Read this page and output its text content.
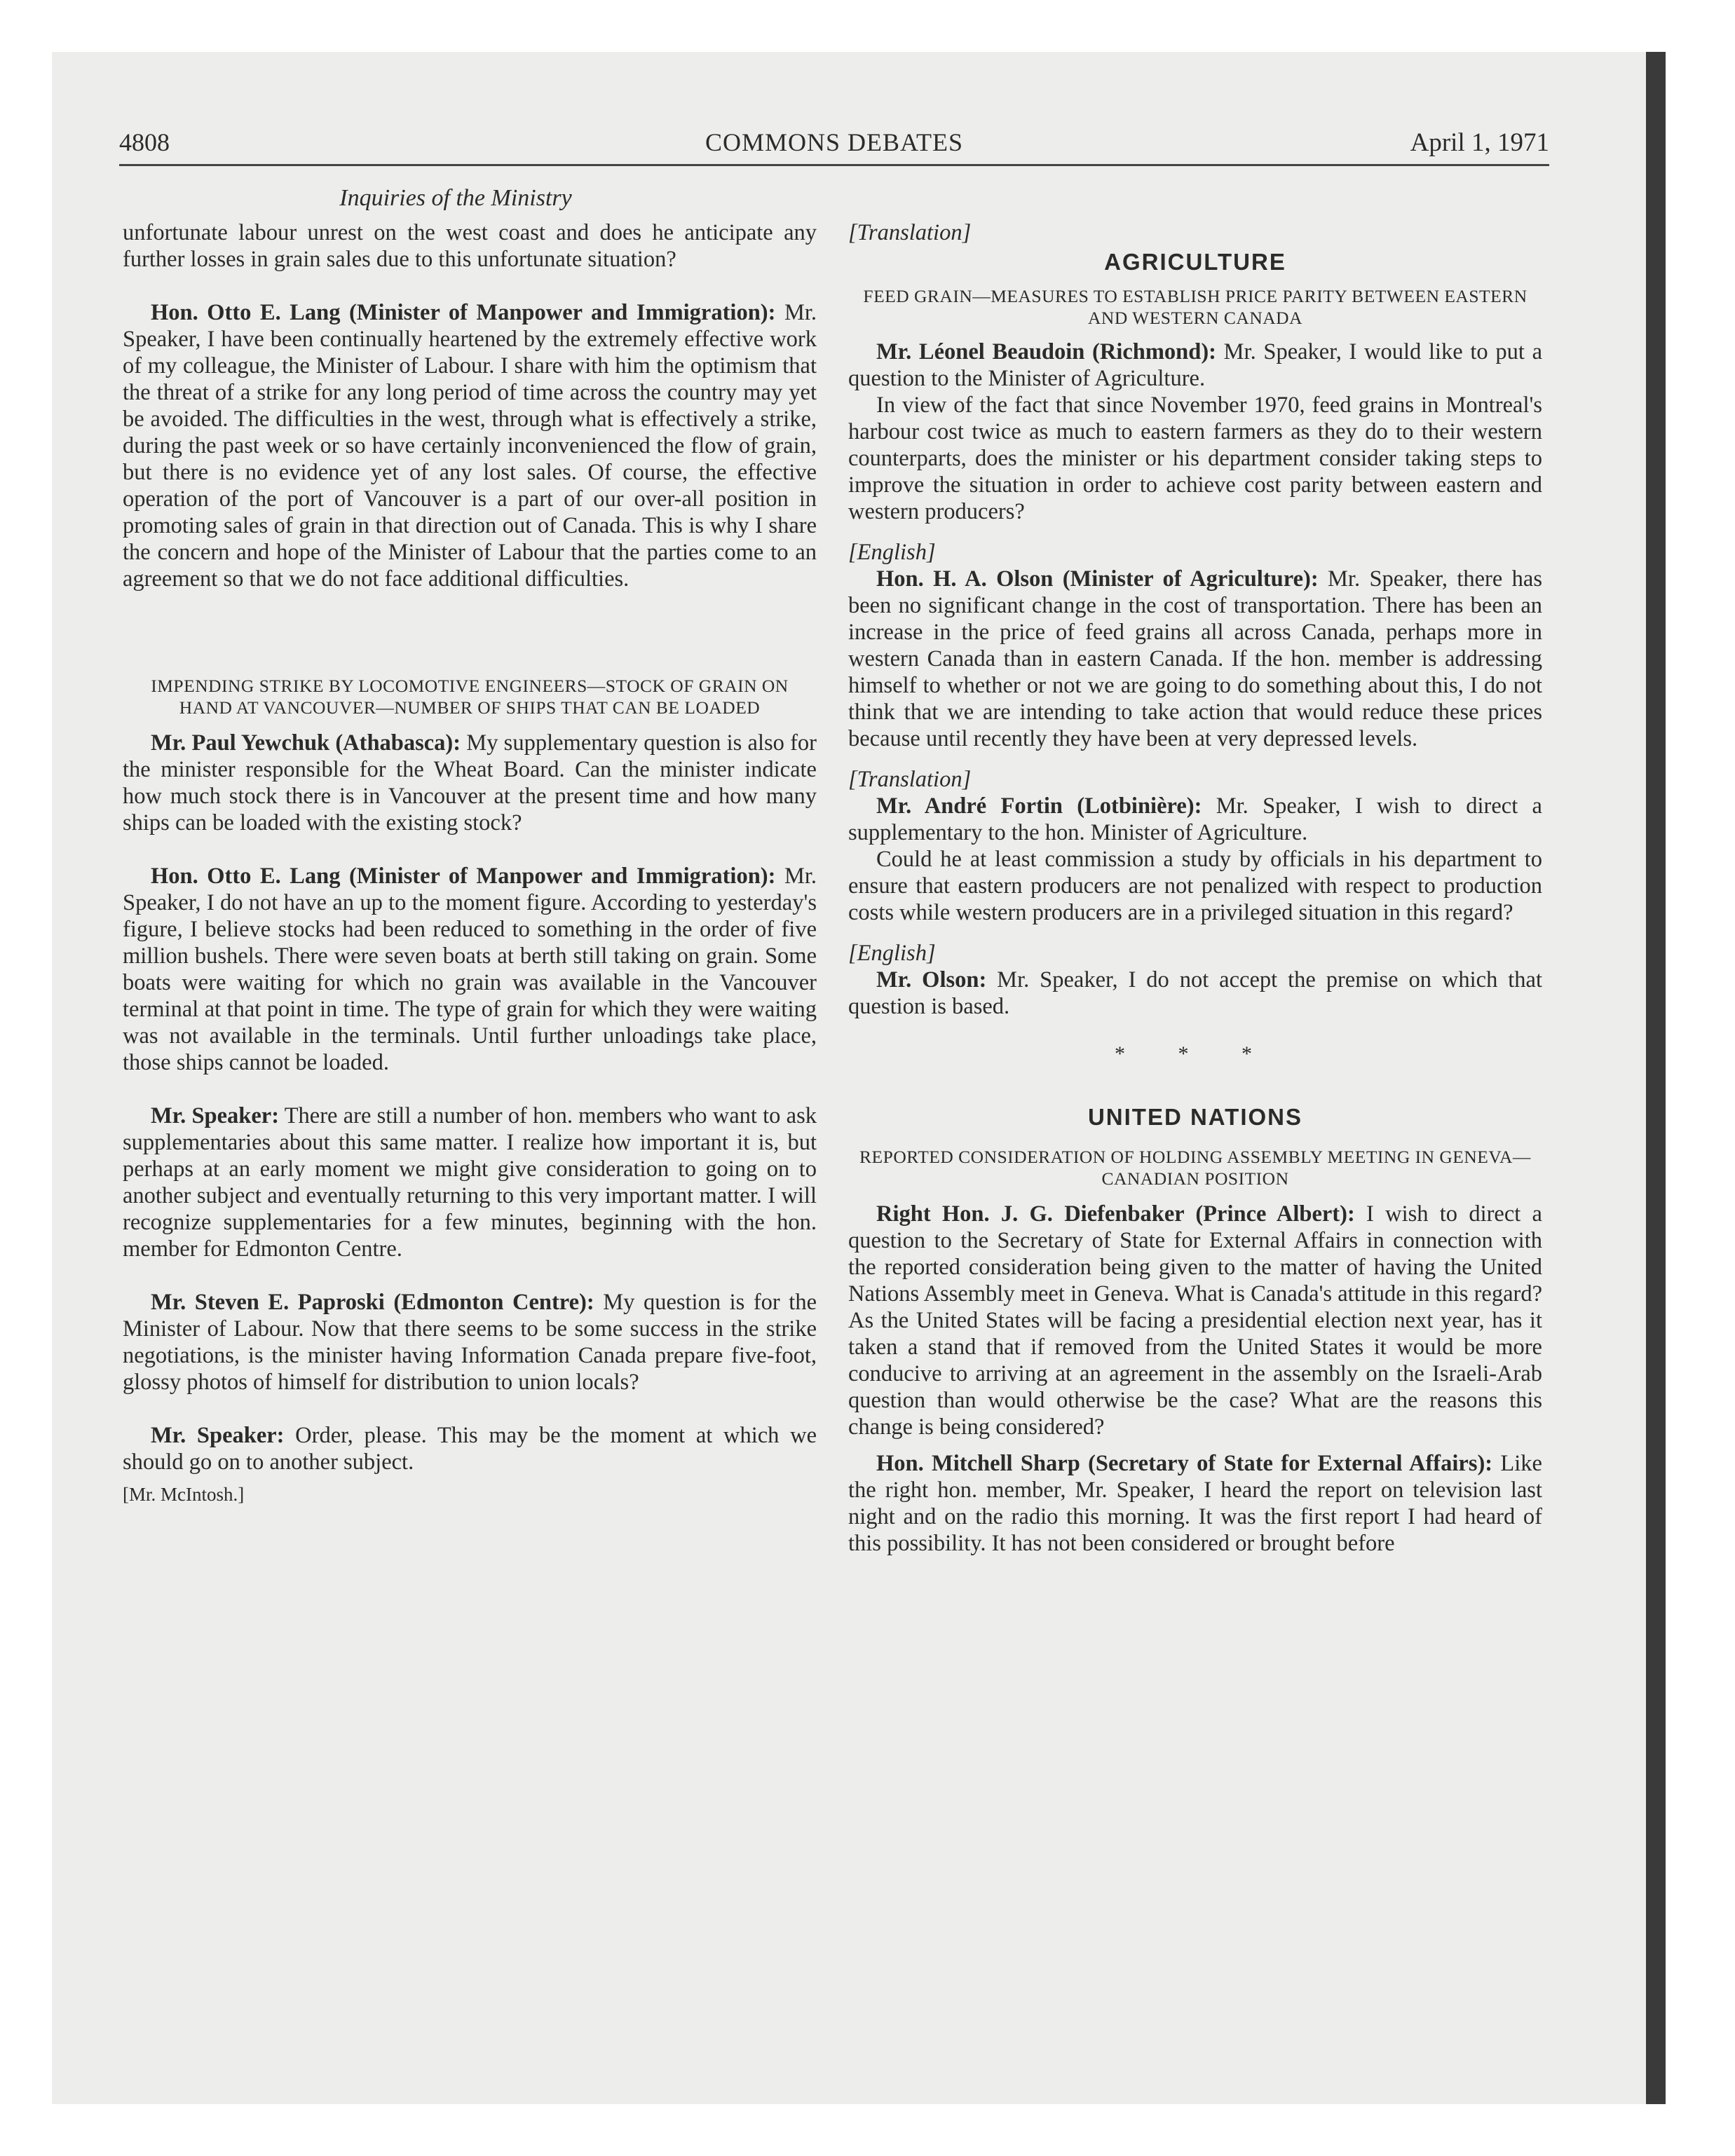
4808	COMMONS DEBATES	April 1, 1971
Inquiries of the Ministry

unfortunate labour unrest on the west coast and does he anticipate any further losses in grain sales due to this unfortunate situation?

Hon. Otto E. Lang (Minister of Manpower and Immigration): Mr. Speaker, I have been continually heartened by the extremely effective work of my colleague, the Minister of Labour. I share with him the optimism that the threat of a strike for any long period of time across the country may yet be avoided. The difficulties in the west, through what is effectively a strike, during the past week or so have certainly inconvenienced the flow of grain, but there is no evidence yet of any lost sales. Of course, the effective operation of the port of Vancouver is a part of our over-all position in promoting sales of grain in that direction out of Canada. This is why I share the concern and hope of the Minister of Labour that the parties come to an agreement so that we do not face additional difficulties.

IMPENDING STRIKE BY LOCOMOTIVE ENGINEERS—STOCK OF GRAIN ON HAND AT VANCOUVER—NUMBER OF SHIPS THAT CAN BE LOADED

Mr. Paul Yewchuk (Athabasca): My supplementary question is also for the minister responsible for the Wheat Board. Can the minister indicate how much stock there is in Vancouver at the present time and how many ships can be loaded with the existing stock?

Hon. Otto E. Lang (Minister of Manpower and Immigration): Mr. Speaker, I do not have an up to the moment figure. According to yesterday's figure, I believe stocks had been reduced to something in the order of five million bushels. There were seven boats at berth still taking on grain. Some boats were waiting for which no grain was available in the Vancouver terminal at that point in time. The type of grain for which they were waiting was not available in the terminals. Until further unloadings take place, those ships cannot be loaded.

Mr. Speaker: There are still a number of hon. members who want to ask supplementaries about this same matter. I realize how important it is, but perhaps at an early moment we might give consideration to going on to another subject and eventually returning to this very important matter. I will recognize supplementaries for a few minutes, beginning with the hon. member for Edmonton Centre.

Mr. Steven E. Paproski (Edmonton Centre): My question is for the Minister of Labour. Now that there seems to be some success in the strike negotiations, is the minister having Information Canada prepare five-foot, glossy photos of himself for distribution to union locals?

Mr. Speaker: Order, please. This may be the moment at which we should go on to another subject.

[Mr. McIntosh.]

[Translation]

AGRICULTURE
FEED GRAIN—MEASURES TO ESTABLISH PRICE PARITY BETWEEN EASTERN AND WESTERN CANADA

Mr. Léonel Beaudoin (Richmond): Mr. Speaker, I would like to put a question to the Minister of Agriculture.

In view of the fact that since November 1970, feed grains in Montreal's harbour cost twice as much to eastern farmers as they do to their western counterparts, does the minister or his department consider taking steps to improve the situation in order to achieve cost parity between eastern and western producers?

[English]

Hon. H. A. Olson (Minister of Agriculture): Mr. Speaker, there has been no significant change in the cost of transportation. There has been an increase in the price of feed grains all across Canada, perhaps more in western Canada than in eastern Canada. If the hon. member is addressing himself to whether or not we are going to do something about this, I do not think that we are intending to take action that would reduce these prices because until recently they have been at very depressed levels.

[Translation]

Mr. André Fortin (Lotbinière): Mr. Speaker, I wish to direct a supplementary to the hon. Minister of Agriculture.

Could he at least commission a study by officials in his department to ensure that eastern producers are not penalized with respect to production costs while western producers are in a privileged situation in this regard?

[English]

Mr. Olson: Mr. Speaker, I do not accept the premise on which that question is based.

* * *
UNITED NATIONS
REPORTED CONSIDERATION OF HOLDING ASSEMBLY MEETING IN GENEVA—CANADIAN POSITION

Right Hon. J. G. Diefenbaker (Prince Albert): I wish to direct a question to the Secretary of State for External Affairs in connection with the reported consideration being given to the matter of having the United Nations Assembly meet in Geneva. What is Canada's attitude in this regard? As the United States will be facing a presidential election next year, has it taken a stand that if removed from the United States it would be more conducive to arriving at an agreement in the assembly on the Israeli-Arab question than would otherwise be the case? What are the reasons this change is being considered?

Hon. Mitchell Sharp (Secretary of State for External Affairs): Like the right hon. member, Mr. Speaker, I heard the report on television last night and on the radio this morning. It was the first report I had heard of this possibility. It has not been considered or brought before
